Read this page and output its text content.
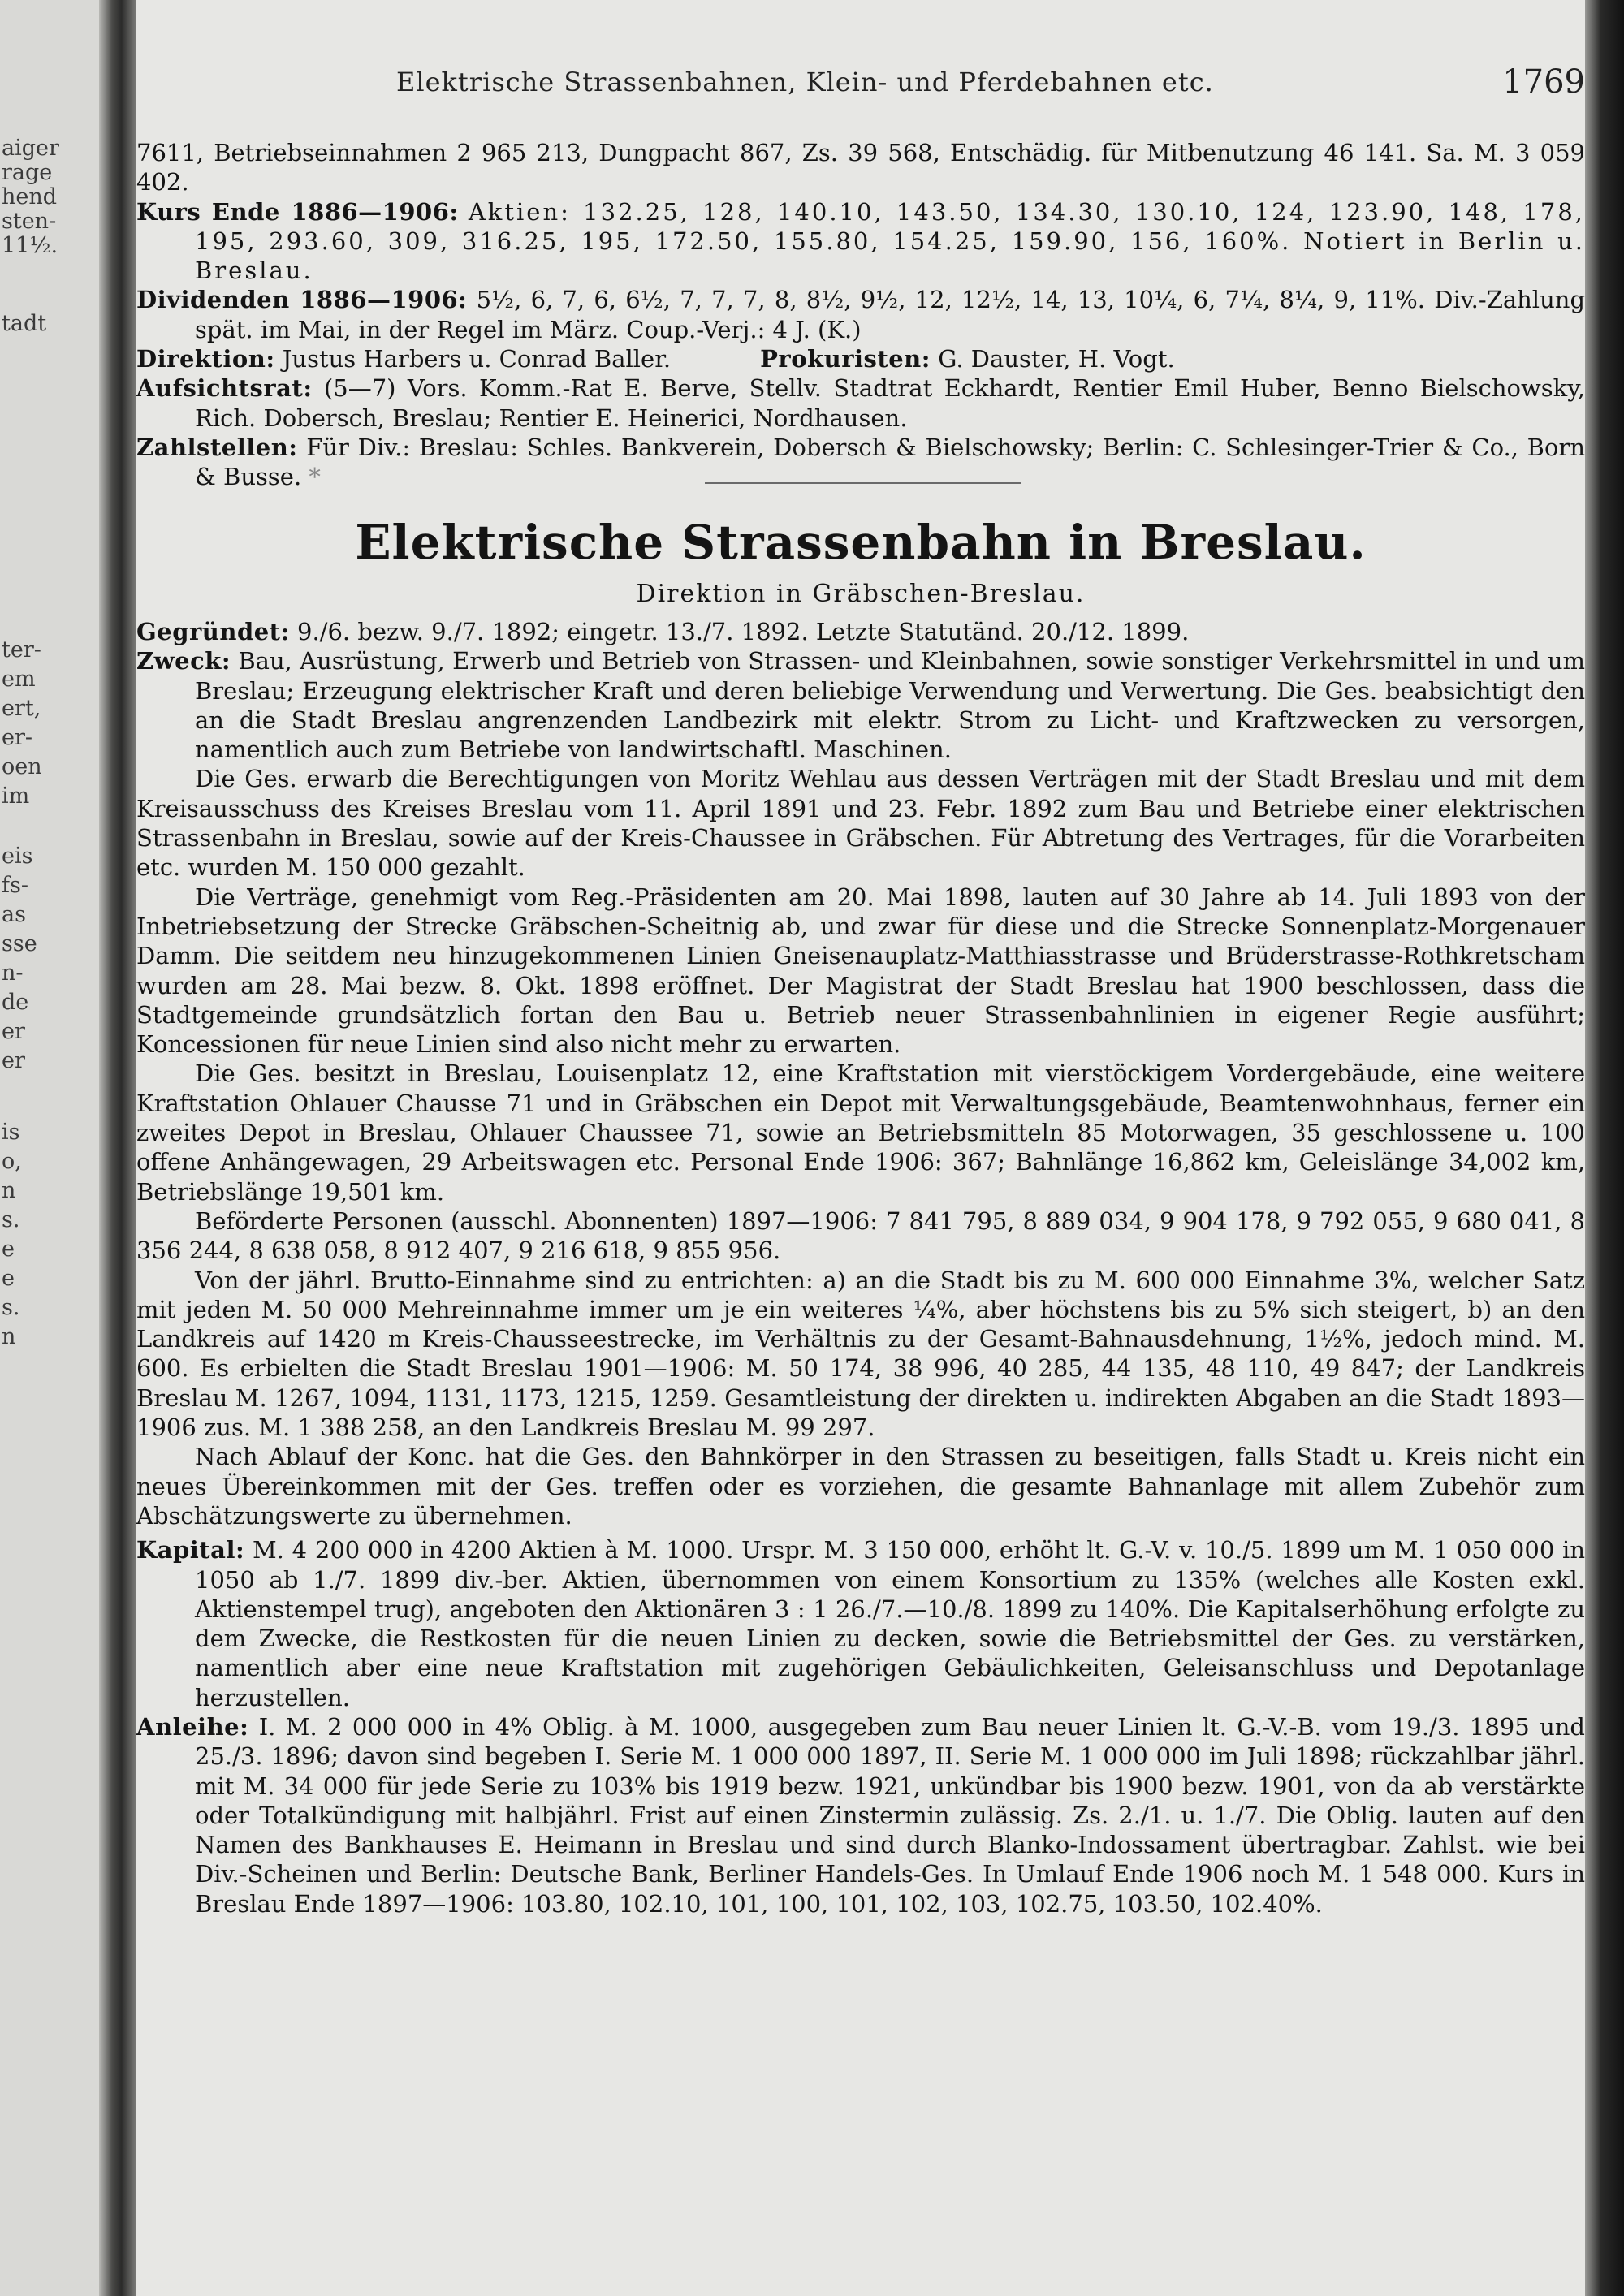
aiger
rage
hend
sten-
11½.
tadt
ter-
em
ert,
er-
oen
im
eis
fs-
as
sse
n-
de
er
er
is
o,
n
s.
e
e
s.
n
Elektrische Strassenbahnen, Klein- und Pferdebahnen etc.	1769

7611, Betriebseinnahmen 2 965 213, Dungpacht 867, Zs. 39 568, Entschädig. für Mitbenutzung 46 141. Sa. M. 3 059 402.

Kurs Ende 1886—1906: Aktien: 132.25, 128, 140.10, 143.50, 134.30, 130.10, 124, 123.90, 148, 178, 195, 293.60, 309, 316.25, 195, 172.50, 155.80, 154.25, 159.90, 156, 160%. Notiert in Berlin u. Breslau.

Dividenden 1886—1906: 5½, 6, 7, 6, 6½, 7, 7, 7, 8, 8½, 9½, 12, 12½, 14, 13, 10¼, 6, 7¼, 8¼, 9, 11%. Div.-Zahlung spät. im Mai, in der Regel im März. Coup.-Verj.: 4 J. (K.)

Direktion: Justus Harbers u. Conrad Baller.	Prokuristen: G. Dauster, H. Vogt.

Aufsichtsrat: (5—7) Vors. Komm.-Rat E. Berve, Stellv. Stadtrat Eckhardt, Rentier Emil Huber, Benno Bielschowsky, Rich. Dobersch, Breslau; Rentier E. Heinerici, Nordhausen.

Zahlstellen: Für Div.: Breslau: Schles. Bankverein, Dobersch & Bielschowsky; Berlin: C. Schlesinger-Trier & Co., Born & Busse. *

Elektrische Strassenbahn in Breslau.
Direktion in Gräbschen-Breslau.

Gegründet: 9./6. bezw. 9./7. 1892; eingetr. 13./7. 1892. Letzte Statutänd. 20./12. 1899.

Zweck: Bau, Ausrüstung, Erwerb und Betrieb von Strassen- und Kleinbahnen, sowie sonstiger Verkehrsmittel in und um Breslau; Erzeugung elektrischer Kraft und deren beliebige Verwendung und Verwertung. Die Ges. beabsichtigt den an die Stadt Breslau angrenzenden Landbezirk mit elektr. Strom zu Licht- und Kraftzwecken zu versorgen, namentlich auch zum Betriebe von landwirtschaftl. Maschinen.

Die Ges. erwarb die Berechtigungen von Moritz Wehlau aus dessen Verträgen mit der Stadt Breslau und mit dem Kreisausschuss des Kreises Breslau vom 11. April 1891 und 23. Febr. 1892 zum Bau und Betriebe einer elektrischen Strassenbahn in Breslau, sowie auf der Kreis-Chaussee in Gräbschen. Für Abtretung des Vertrages, für die Vorarbeiten etc. wurden M. 150 000 gezahlt.

Die Verträge, genehmigt vom Reg.-Präsidenten am 20. Mai 1898, lauten auf 30 Jahre ab 14. Juli 1893 von der Inbetriebsetzung der Strecke Gräbschen-Scheitnig ab, und zwar für diese und die Strecke Sonnenplatz-Morgenauer Damm. Die seitdem neu hinzugekommenen Linien Gneisenauplatz-Matthiasstrasse und Brüderstrasse-Rothkretscham wurden am 28. Mai bezw. 8. Okt. 1898 eröffnet. Der Magistrat der Stadt Breslau hat 1900 beschlossen, dass die Stadtgemeinde grundsätzlich fortan den Bau u. Betrieb neuer Strassenbahnlinien in eigener Regie ausführt; Koncessionen für neue Linien sind also nicht mehr zu erwarten.

Die Ges. besitzt in Breslau, Louisenplatz 12, eine Kraftstation mit vierstöckigem Vordergebäude, eine weitere Kraftstation Ohlauer Chausse 71 und in Gräbschen ein Depot mit Verwaltungsgebäude, Beamtenwohnhaus, ferner ein zweites Depot in Breslau, Ohlauer Chaussee 71, sowie an Betriebsmitteln 85 Motorwagen, 35 geschlossene u. 100 offene Anhängewagen, 29 Arbeitswagen etc. Personal Ende 1906: 367; Bahnlänge 16,862 km, Geleislänge 34,002 km, Betriebslänge 19,501 km.

Beförderte Personen (ausschl. Abonnenten) 1897—1906: 7 841 795, 8 889 034, 9 904 178, 9 792 055, 9 680 041, 8 356 244, 8 638 058, 8 912 407, 9 216 618, 9 855 956.

Von der jährl. Brutto-Einnahme sind zu entrichten: a) an die Stadt bis zu M. 600 000 Einnahme 3%, welcher Satz mit jeden M. 50 000 Mehreinnahme immer um je ein weiteres ¼%, aber höchstens bis zu 5% sich steigert, b) an den Landkreis auf 1420 m Kreis-Chausseestrecke, im Verhältnis zu der Gesamt-Bahnausdehnung, 1½%, jedoch mind. M. 600. Es erbielten die Stadt Breslau 1901—1906: M. 50 174, 38 996, 40 285, 44 135, 48 110, 49 847; der Landkreis Breslau M. 1267, 1094, 1131, 1173, 1215, 1259. Gesamtleistung der direkten u. indirekten Abgaben an die Stadt 1893—1906 zus. M. 1 388 258, an den Landkreis Breslau M. 99 297.

Nach Ablauf der Konc. hat die Ges. den Bahnkörper in den Strassen zu beseitigen, falls Stadt u. Kreis nicht ein neues Übereinkommen mit der Ges. treffen oder es vorziehen, die gesamte Bahnanlage mit allem Zubehör zum Abschätzungswerte zu übernehmen.

Kapital: M. 4 200 000 in 4200 Aktien à M. 1000. Urspr. M. 3 150 000, erhöht lt. G.-V. v. 10./5. 1899 um M. 1 050 000 in 1050 ab 1./7. 1899 div.-ber. Aktien, übernommen von einem Konsortium zu 135% (welches alle Kosten exkl. Aktienstempel trug), angeboten den Aktionären 3 : 1 26./7.—10./8. 1899 zu 140%. Die Kapitalserhöhung erfolgte zu dem Zwecke, die Restkosten für die neuen Linien zu decken, sowie die Betriebsmittel der Ges. zu verstärken, namentlich aber eine neue Kraftstation mit zugehörigen Gebäulichkeiten, Geleisanschluss und Depotanlage herzustellen.

Anleihe: I. M. 2 000 000 in 4% Oblig. à M. 1000, ausgegeben zum Bau neuer Linien lt. G.-V.-B. vom 19./3. 1895 und 25./3. 1896; davon sind begeben I. Serie M. 1 000 000 1897, II. Serie M. 1 000 000 im Juli 1898; rückzahlbar jährl. mit M. 34 000 für jede Serie zu 103% bis 1919 bezw. 1921, unkündbar bis 1900 bezw. 1901, von da ab verstärkte oder Totalkündigung mit halbjährl. Frist auf einen Zinstermin zulässig. Zs. 2./1. u. 1./7. Die Oblig. lauten auf den Namen des Bankhauses E. Heimann in Breslau und sind durch Blanko-Indossament übertragbar. Zahlst. wie bei Div.-Scheinen und Berlin: Deutsche Bank, Berliner Handels-Ges. In Umlauf Ende 1906 noch M. 1 548 000. Kurs in Breslau Ende 1897—1906: 103.80, 102.10, 101, 100, 101, 102, 103, 102.75, 103.50, 102.40%.
